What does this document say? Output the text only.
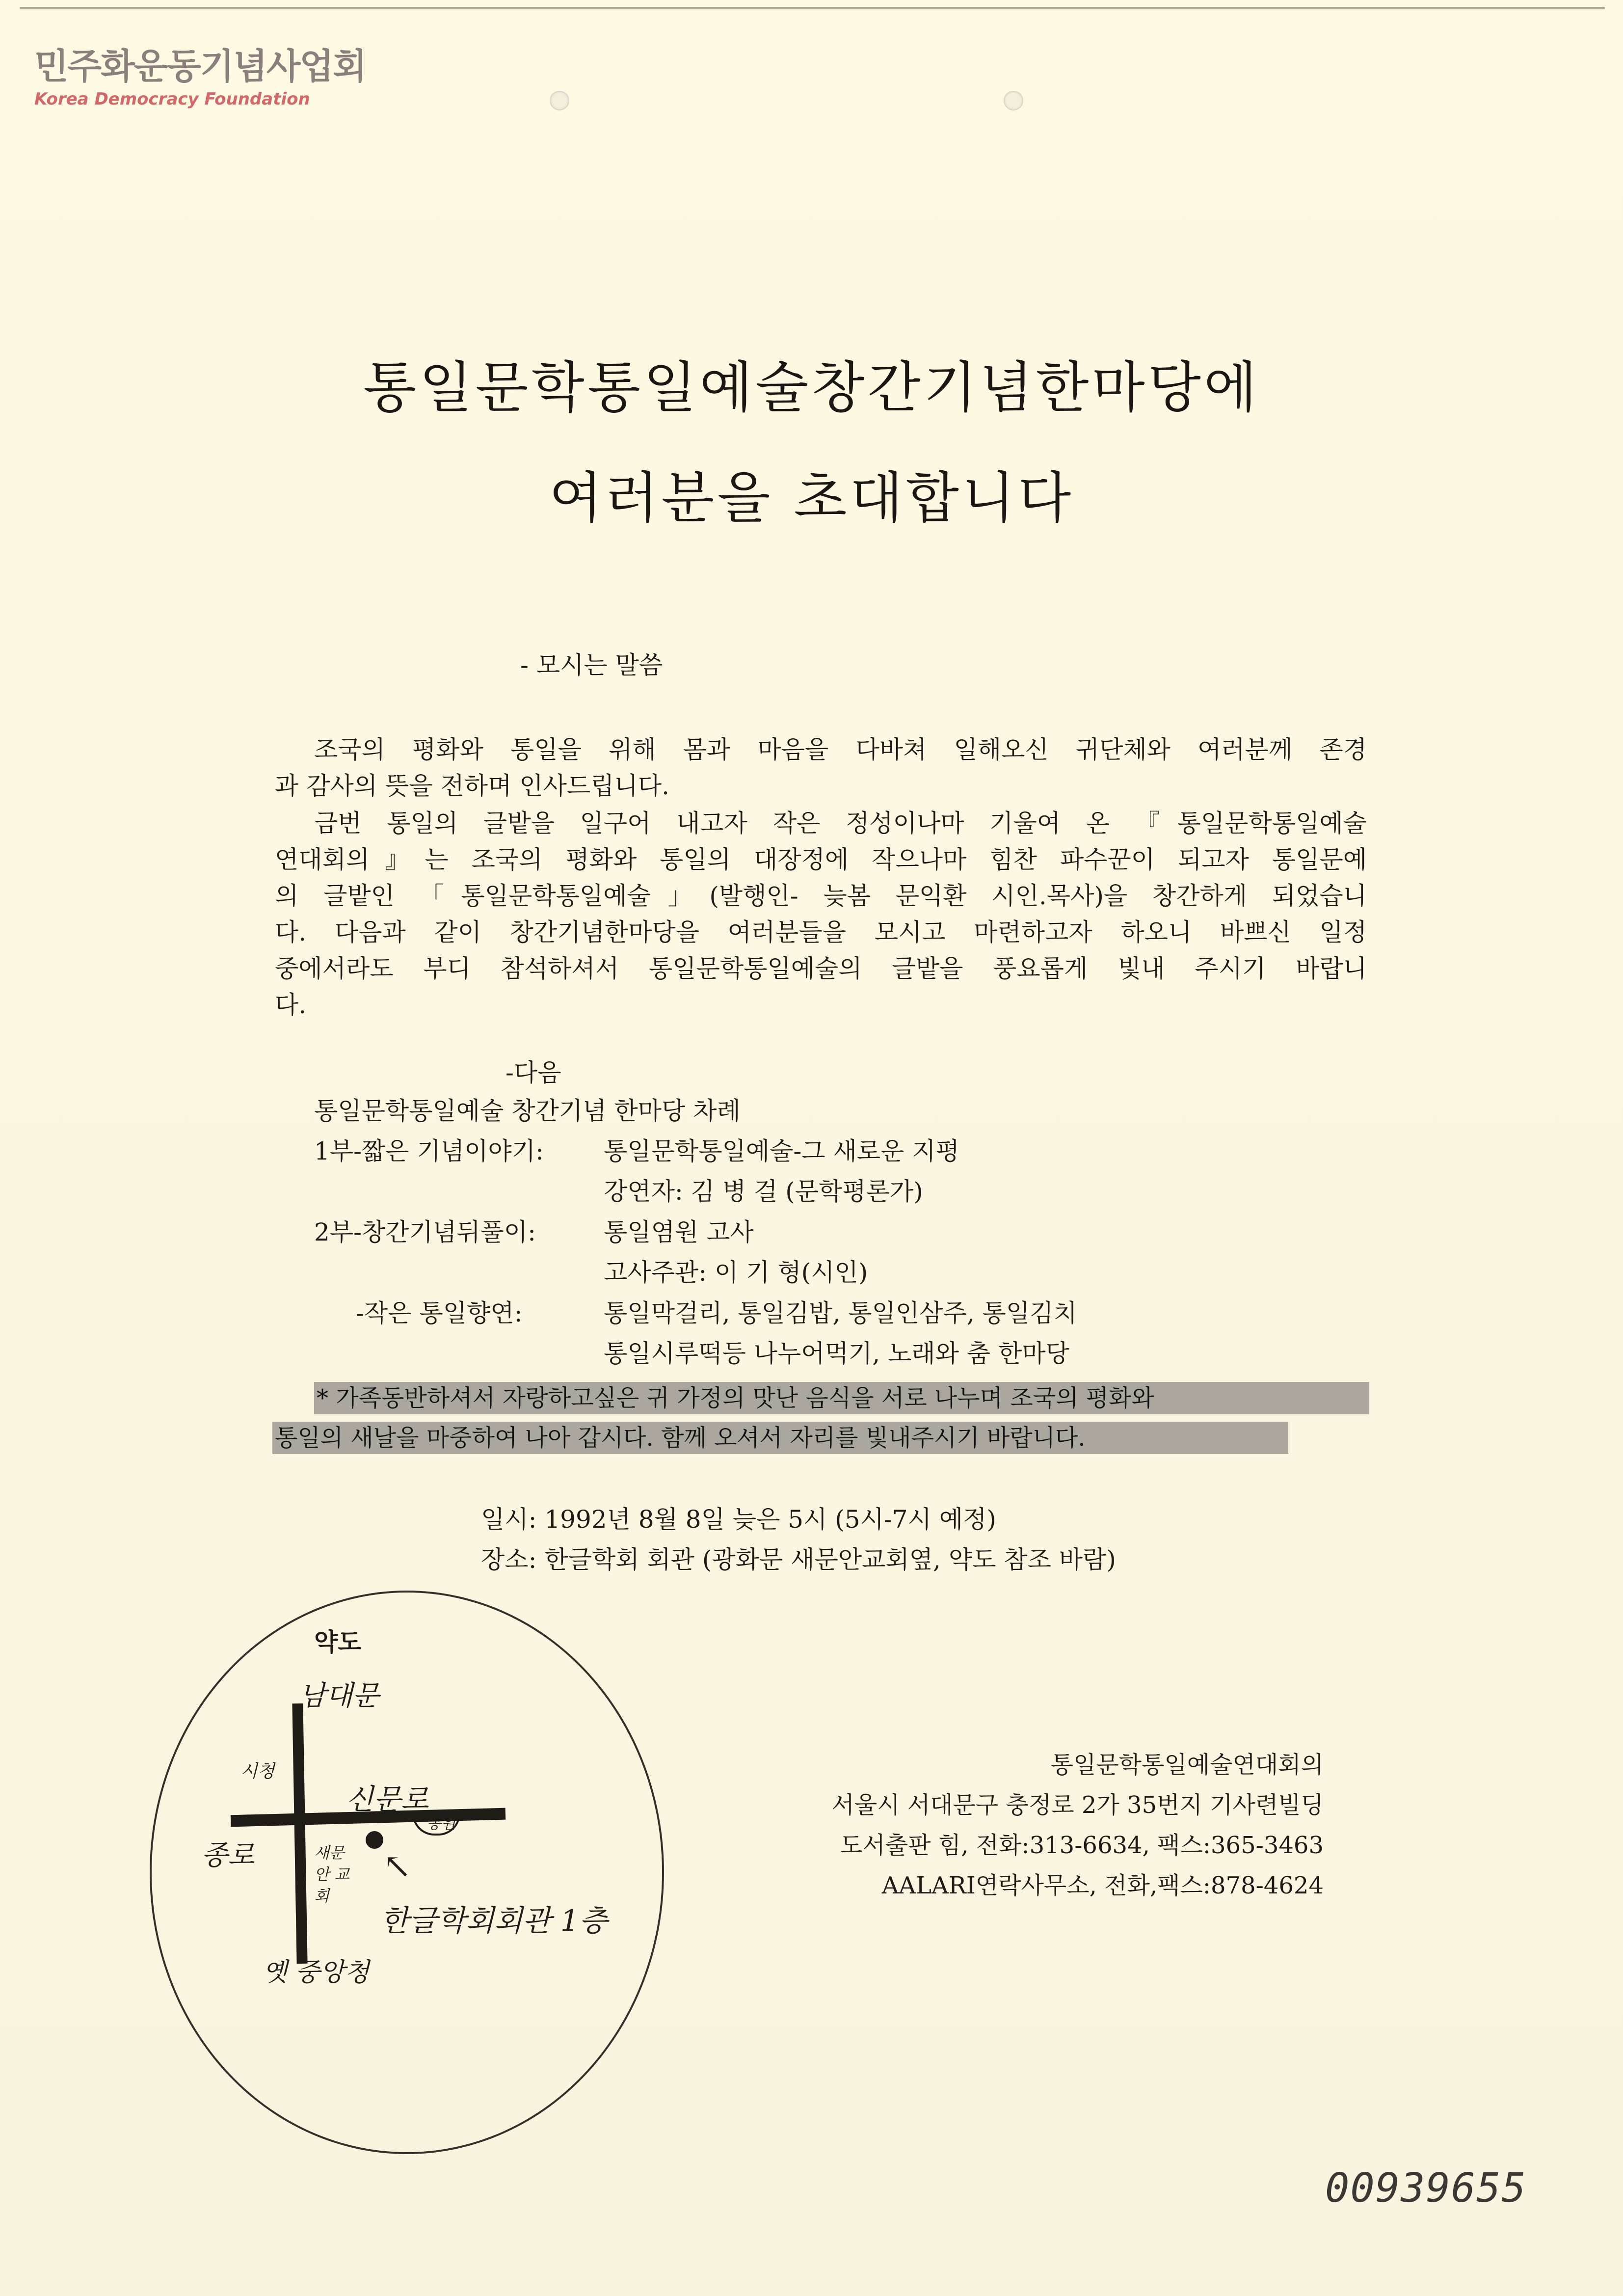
민주화운동기념사업회
Korea Democracy Foundation
통일문학통일예술창간기념한마당에
여러분을 초대합니다
- 모시는 말씀
조국의 평화와 통일을 위해 몸과 마음을 다바쳐 일해오신 귀단체와 여러분께 존경
과 감사의 뜻을 전하며 인사드립니다.
금번 통일의 글밭을 일구어 내고자 작은 정성이나마 기울여 온 『통일문학통일예술
연대회의』는 조국의 평화와 통일의 대장정에 작으나마 힘찬 파수꾼이 되고자 통일문예
의 글밭인 「통일문학통일예술」(발행인- 늦봄 문익환 시인.목사)을 창간하게 되었습니
다. 다음과 같이 창간기념한마당을 여러분들을 모시고 마련하고자 하오니 바쁘신 일정
중에서라도 부디 참석하셔서 통일문학통일예술의 글밭을 풍요롭게 빛내 주시기 바랍니
다.
-다음
통일문학통일예술 창간기념 한마당 차례
1부-짧은 기념이야기: 통일문학통일예술-그 새로운 지평
강연자: 김 병 걸 (문학평론가)
2부-창간기념뒤풀이:	통일염원 고사
고사주관: 이 기 형(시인)
-작은 통일향연:	통일막걸리, 통일김밥, 통일인삼주, 통일김치
통일시루떡등 나누어먹기, 노래와 춤 한마당
* 가족동반하셔서 자랑하고싶은 귀 가정의 맛난 음식을 서로 나누며 조국의 평화와
통일의 새날을 마중하여 나아 갑시다. 함께 오셔서 자리를 빛내주시기 바랍니다.
일시: 1992년 8월 8일 늦은 5시 (5시-7시 예정)
장소: 한글학회 회관 (광화문 새문안교회옆, 약도 참조 바람)
약도
↖
남대문
시청
신문로
종로	새문안 교회
공원
한글학회회관 1층
옛 중앙청
통일문학통일예술연대회의
서울시 서대문구 충정로 2가 35번지 기사련빌딩
도서출판 힘, 전화:313-6634, 팩스:365-3463
AALARI연락사무소, 전화,팩스:878-4624
00939655
